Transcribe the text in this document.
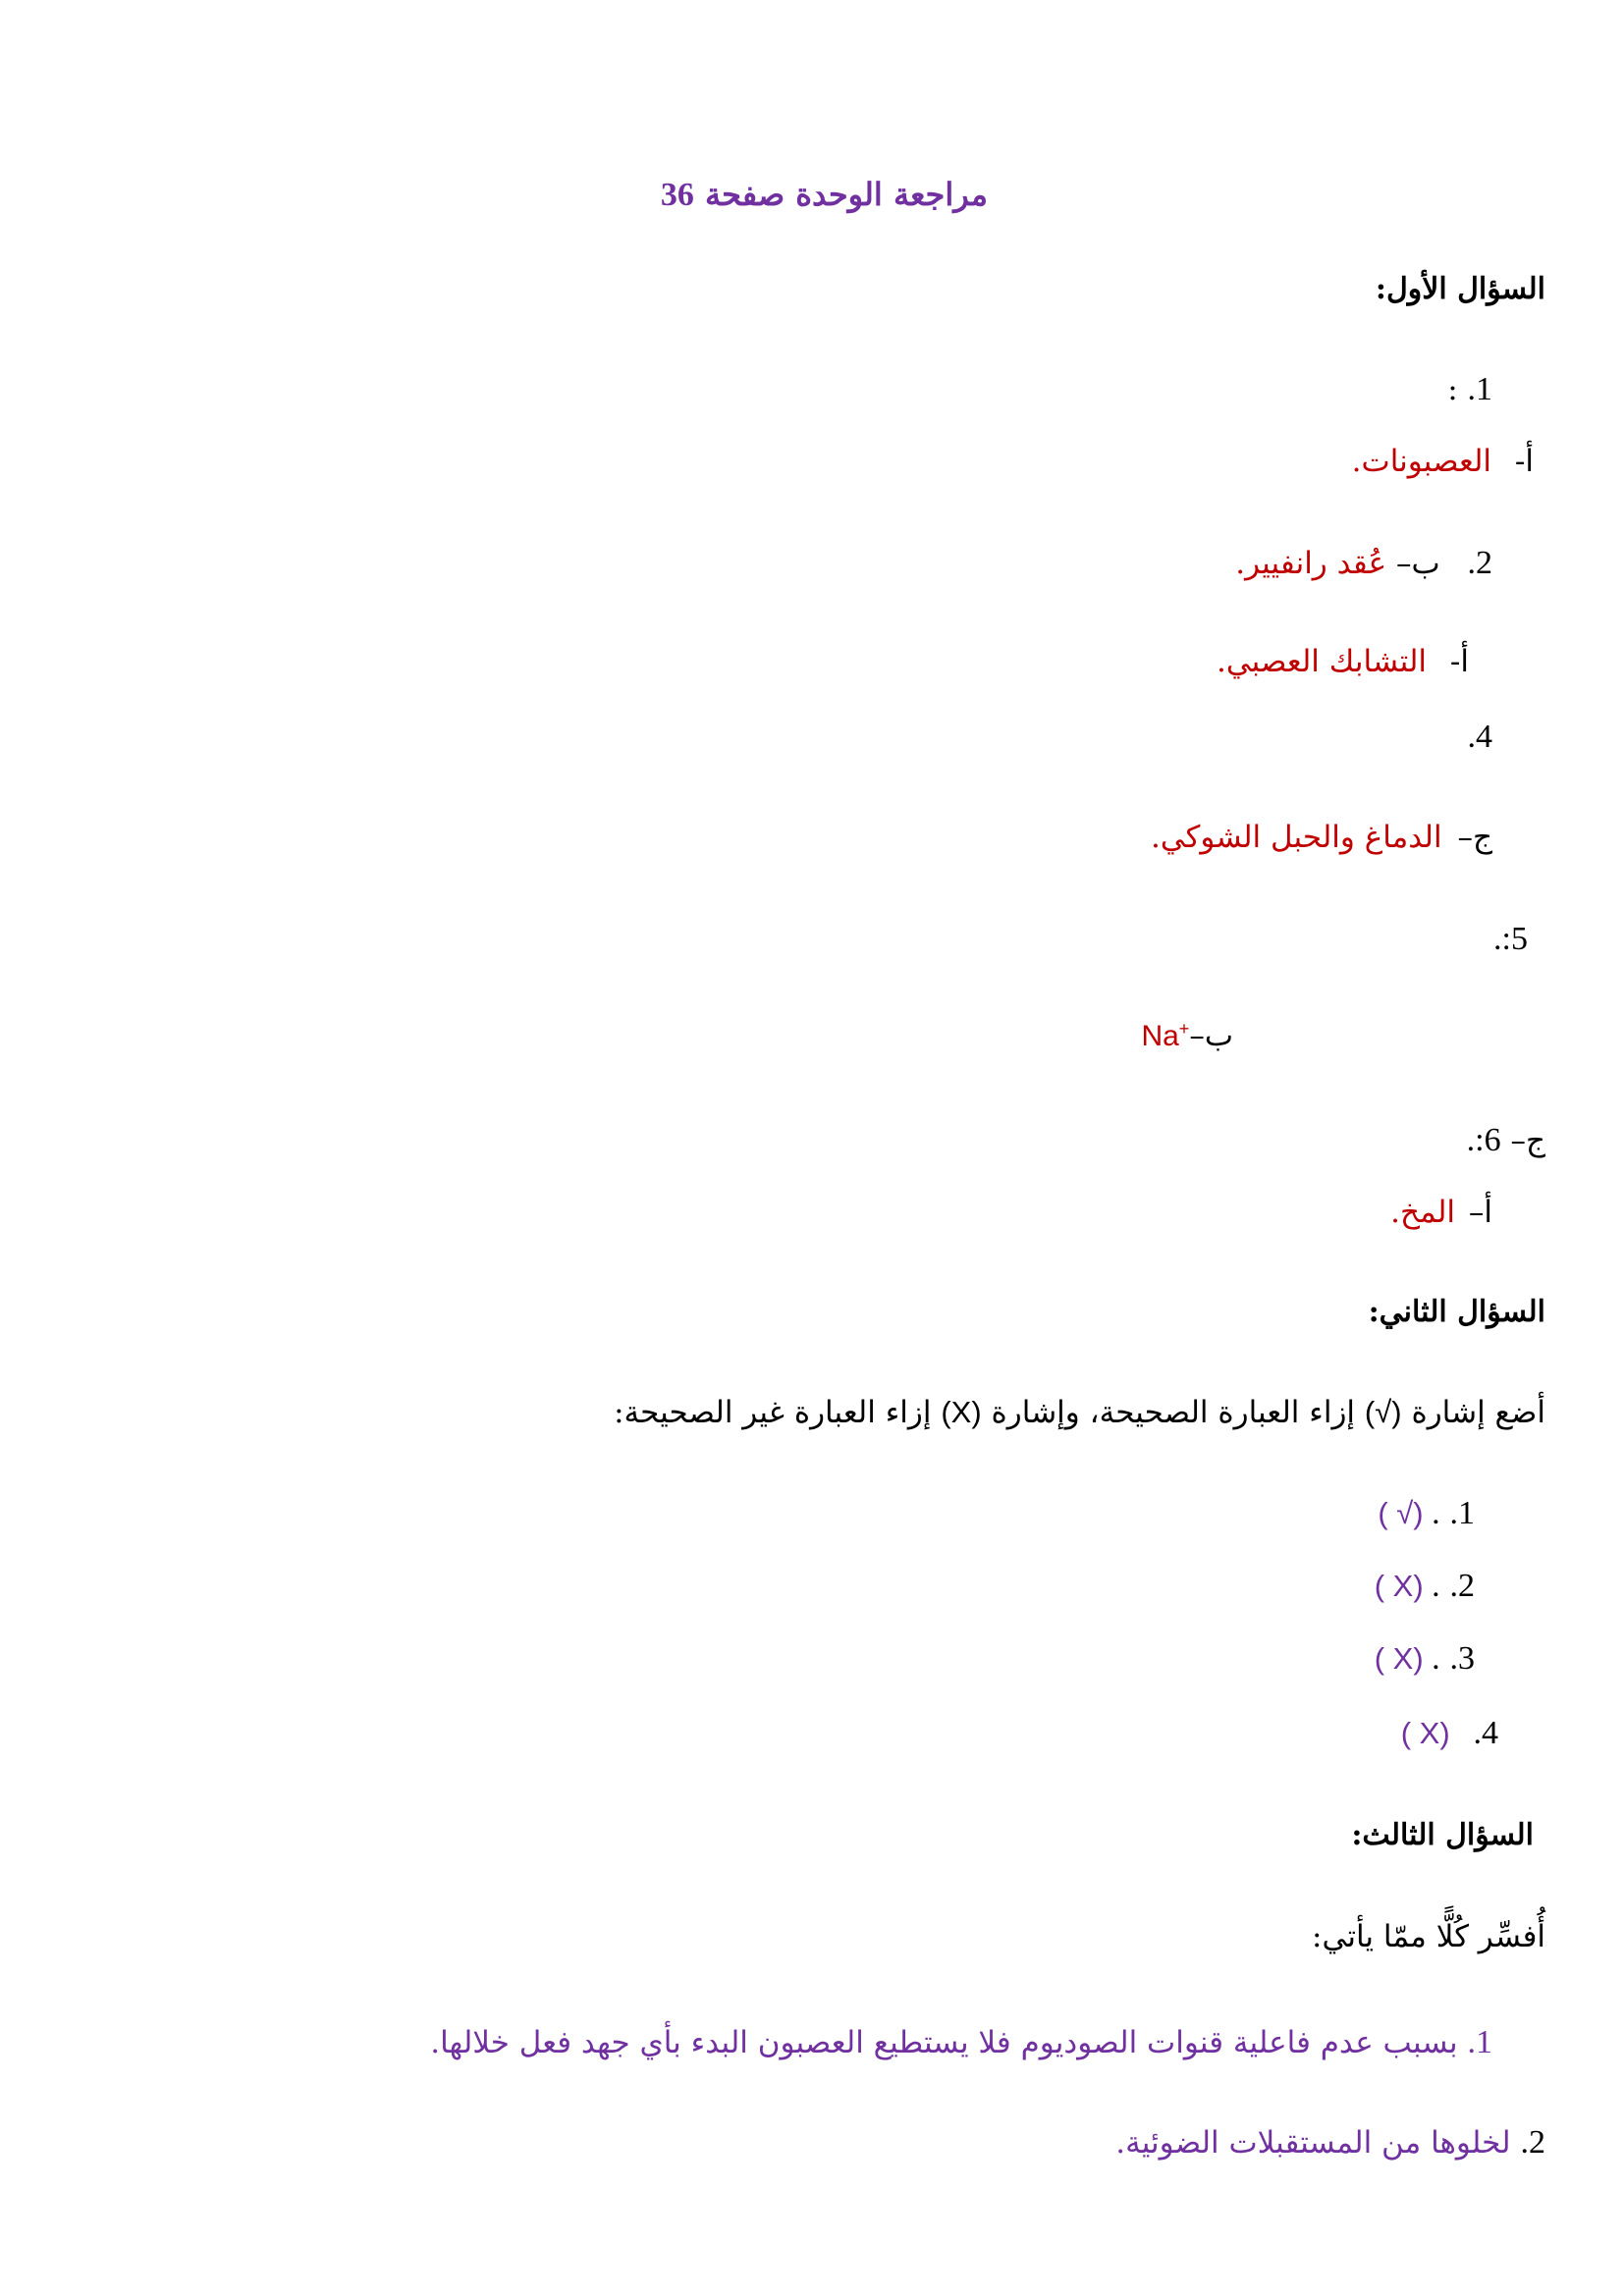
مراجعة الوحدة صفحة 36
السؤال الأول:
1. :
أ- العصبونات.
2. ب– عُقد رانفيير.
أ- التشابك العصبي.
4.
ج– الدماغ والحبل الشوكي.
5:.
ب–Na+
ج– 6:.
أ– المخ.
السؤال الثاني:
أضع إشارة (√) إزاء العبارة الصحيحة، وإشارة (X) إزاء العبارة غير الصحيحة:
1. . ( √)
2. . ( X)
3. . ( X)
4. ( X)
السؤال الثالث:
أُفسِّر كُلًّا ممّا يأتي:
1. بسبب عدم فاعلية قنوات الصوديوم فلا يستطيع العصبون البدء بأي جهد فعل خلالها.
2. لخلوها من المستقبلات الضوئية.
